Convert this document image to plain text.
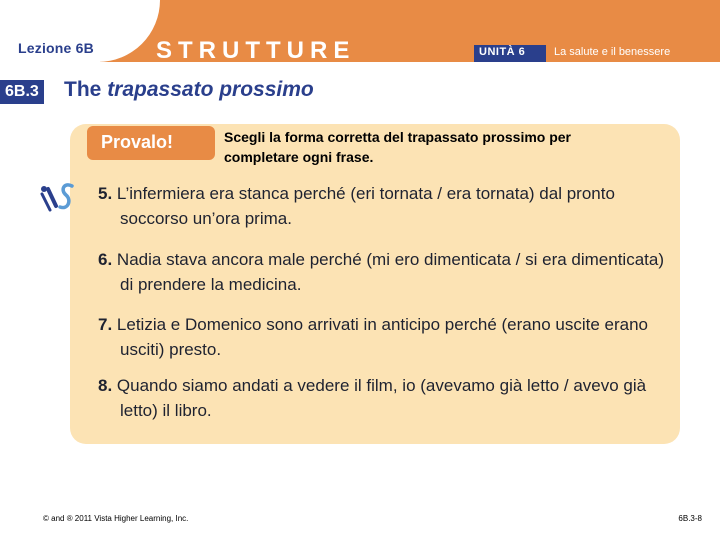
Lezione 6B	STRUTTURE	UNITÀ 6	La salute e il benessere
6B.3 The trapassato prossimo
Provalo!	Scegli la forma corretta del trapassato prossimo per completare ogni frase.
5. L’infermiera era stanca perché (eri tornata / era tornata) dal pronto soccorso un’ora prima.
6. Nadia stava ancora male perché (mi ero dimenticata / si era dimenticata) di prendere la medicina.
7. Letizia e Domenico sono arrivati in anticipo perché (erano uscite erano usciti) presto.
8. Quando siamo andati a vedere il film, io (avevamo già letto / avevo già letto) il libro.
© and ® 2011 Vista Higher Learning, Inc.	6B.3-8
